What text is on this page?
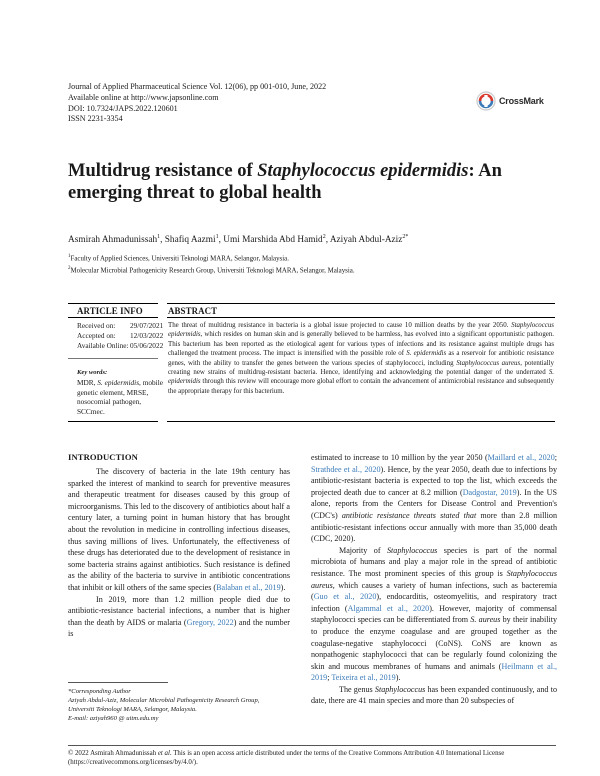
Journal of Applied Pharmaceutical Science Vol. 12(06), pp 001-010, June, 2022
Available online at http://www.japsonline.com
DOI: 10.7324/JAPS.2022.120601
ISSN 2231-3354
CrossMark
Multidrug resistance of Staphylococcus epidermidis: An emerging threat to global health
Asmirah Ahmadunissah$^1$, Shafiq Aazmi$^1$, Umi Marshida Abd Hamid$^2$, Aziyah Abdul-Aziz$^{2*}$
$^1$Faculty of Applied Sciences, Universiti Teknologi MARA, Selangor, Malaysia.
$^2$Molecular Microbial Pathogenicity Research Group, Universiti Teknologi MARA, Selangor, Malaysia.
ARTICLE INFO	ABSTRACT
Received on:	29/07/2021
Accepted on:	12/03/2022
Available Online: 05/06/2022
Key words:
MDR, S. epidermidis, mobile genetic element, MRSE, nosocomial pathogen, SCCmec.
The threat of multidrug resistance in bacteria is a global issue projected to cause 10 million deaths by the year 2050. Staphylococcus epidermidis, which resides on human skin and is generally believed to be harmless, has evolved into a significant opportunistic pathogen. This bacterium has been reported as the etiological agent for various types of infections and its resistance against multiple drugs has challenged the treatment process. The impact is intensified with the possible role of S. epidermidis as a reservoir for antibiotic resistance genes, with the ability to transfer the genes between the various species of staphylococci, including Staphylococcus aureus, potentially creating new strains of multidrug-resistant bacteria. Hence, identifying and acknowledging the potential danger of the underrated S. epidermidis through this review will encourage more global effort to contain the advancement of antimicrobial resistance and subsequently the appropriate therapy for this bacterium.
INTRODUCTION

The discovery of bacteria in the late 19th century has sparked the interest of mankind to search for preventive measures and therapeutic treatment for diseases caused by this group of microorganisms. This led to the discovery of antibiotics about half a century later, a turning point in human history that has brought about the revolution in medicine in controlling infectious diseases, thus saving millions of lives. Unfortunately, the effectiveness of these drugs has deteriorated due to the development of resistance in some bacteria strains against antibiotics. Such resistance is defined as the ability of the bacteria to survive in antibiotic concentrations that inhibit or kill others of the same species (Balaban et al., 2019).

In 2019, more than 1.2 million people died due to antibiotic-resistance bacterial infections, a number that is higher than the death by AIDS or malaria (Gregory, 2022) and the number is

estimated to increase to 10 million by the year 2050 (Maillard et al., 2020; Strathdee et al., 2020). Hence, by the year 2050, death due to infections by antibiotic-resistant bacteria is expected to top the list, which exceeds the projected death due to cancer at 8.2 million (Dadgostar, 2019). In the US alone, reports from the Centers for Disease Control and Prevention's (CDC's) antibiotic resistance threats stated that more than 2.8 million antibiotic-resistant infections occur annually with more than 35,000 death (CDC, 2020).

Majority of Staphylococcus species is part of the normal microbiota of humans and play a major role in the spread of antibiotic resistance. The most prominent species of this group is Staphylococcus aureus, which causes a variety of human infections, such as bacteremia (Guo et al., 2020), endocarditis, osteomyelitis, and respiratory tract infection (Algammal et al., 2020). However, majority of commensal staphylococci species can be differentiated from S. aureus by their inability to produce the enzyme coagulase and are grouped together as the coagulase-negative staphylococci (CoNS). CoNS are known as nonpathogenic staphylococci that can be regularly found colonizing the skin and mucous membranes of humans and animals (Heilmann et al., 2019; Teixeira et al., 2019).

The genus Staphylococcus has been expanded continuously, and to date, there are 41 main species and more than 20 subspecies of

*Corresponding Author
Aziyah Abdul-Aziz, Molecular Microbial Pathogenicity Research Group,
Universiti Teknologi MARA, Selangor, Malaysia.
E-mail: aziyah960 @ uitm.edu.my
© 2022 Asmirah Ahmadunissah et al. This is an open access article distributed under the terms of the Creative Commons Attribution 4.0 International License
(https://creativecommons.org/licenses/by/4.0/).
